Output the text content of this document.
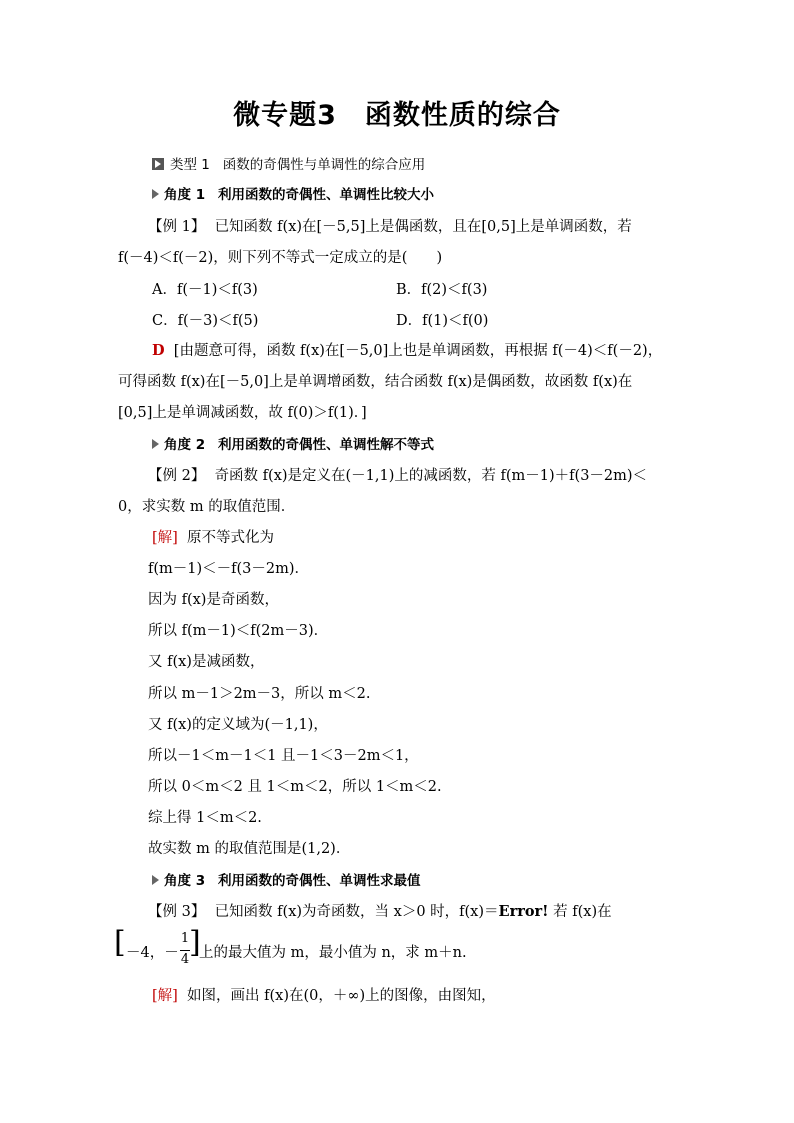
微专题3　函数性质的综合
类型 1 函数的奇偶性与单调性的综合应用
角度 1 利用函数的奇偶性、单调性比较大小
【例 1】 已知函数 f(x)在[－5,5]上是偶函数，且在[0,5]上是单调函数，若
f(－4)＜f(－2)，则下列不等式一定成立的是(　　)
A．f(－1)＜f(3)	B．f(2)＜f(3)
C．f(－3)＜f(5)	D．f(1)＜f(0)
D [由题意可得，函数 f(x)在[－5,0]上也是单调函数，再根据 f(－4)＜f(－2)，
可得函数 f(x)在[－5,0]上是单调增函数，结合函数 f(x)是偶函数，故函数 f(x)在
[0,5]上是单调减函数，故 f(0)＞f(1)．]
角度 2 利用函数的奇偶性、单调性解不等式
【例 2】 奇函数 f(x)是定义在(－1,1)上的减函数，若 f(m－1)＋f(3－2m)＜
0，求实数 m 的取值范围．
[解] 原不等式化为
f(m－1)＜－f(3－2m)．
因为 f(x)是奇函数，
所以 f(m－1)＜f(2m－3)．
又 f(x)是减函数，
所以 m－1＞2m－3，所以 m＜2.
又 f(x)的定义域为(－1,1)，
所以－1＜m－1＜1 且－1＜3－2m＜1，
所以 0＜m＜2 且 1＜m＜2，所以 1＜m＜2.
综上得 1＜m＜2.
故实数 m 的取值范围是(1,2)．
角度 3 利用函数的奇偶性、单调性求最值
【例 3】 已知函数 f(x)为奇函数，当 x＞0 时，f(x)＝Error! 若 f(x)在
[ －4，－
1
4 ]
上的最大值为 m，最小值为 n，求 m＋n.
[解] 如图，画出 f(x)在(0，＋∞)上的图像，由图知，
